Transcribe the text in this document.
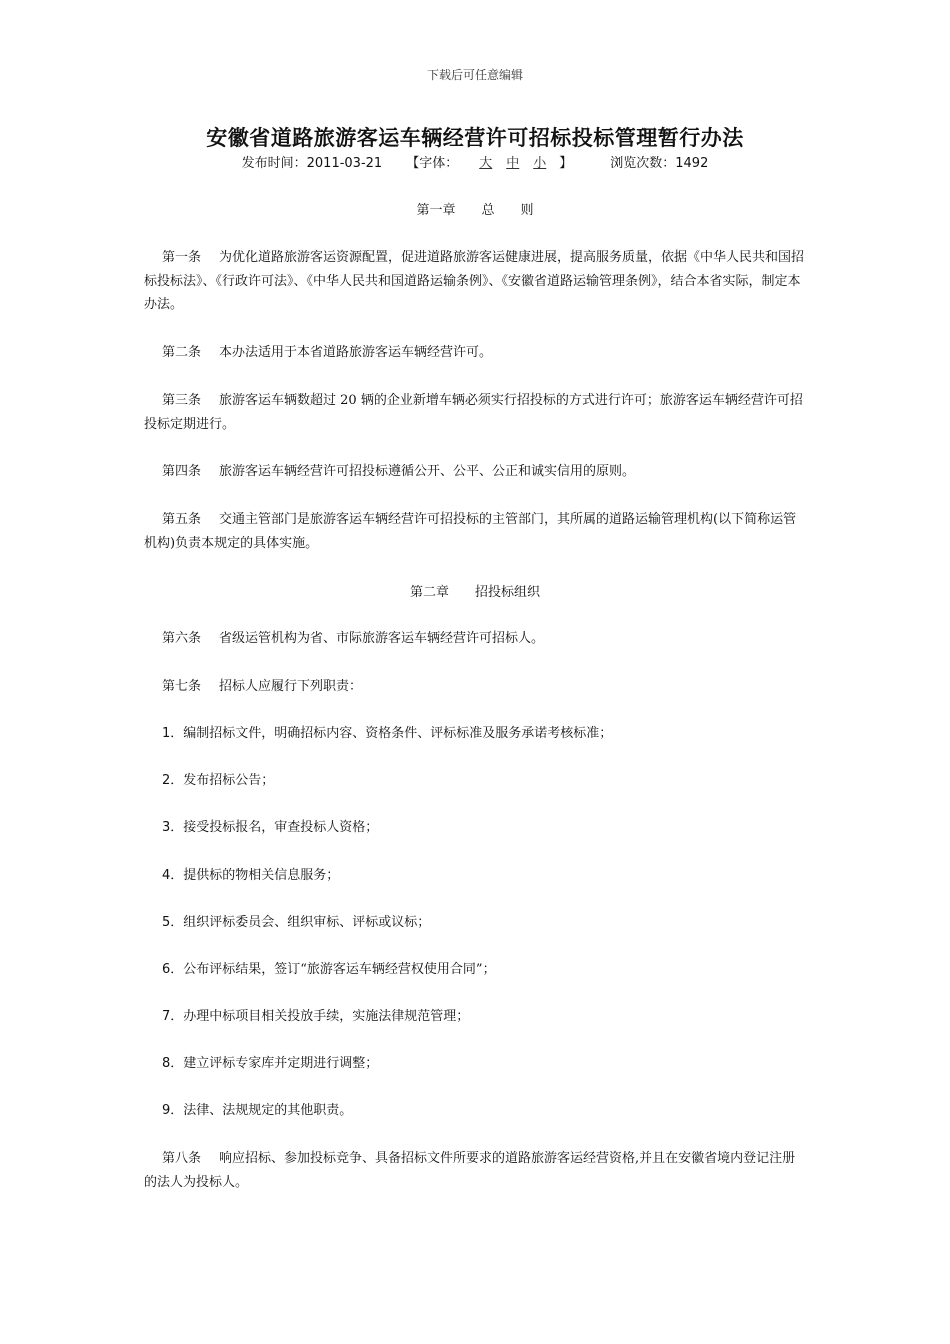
下载后可任意编辑
安徽省道路旅游客运车辆经营许可招标投标管理暂行办法
发布时间：2011-03-21 【字体： 大 中 小 】	浏览次数：1492
第一章　　总　　则
第一条 为优化道路旅游客运资源配置，促进道路旅游客运健康进展，提高服务质量，依据《中华人民共和国招标投标法》、《行政许可法》、《中华人民共和国道路运输条例》、《安徽省道路运输管理条例》，结合本省实际，制定本办法。
第二条 本办法适用于本省道路旅游客运车辆经营许可。
第三条 旅游客运车辆数超过 20 辆的企业新增车辆必须实行招投标的方式进行许可；旅游客运车辆经营许可招投标定期进行。
第四条 旅游客运车辆经营许可招投标遵循公开、公平、公正和诚实信用的原则。
第五条 交通主管部门是旅游客运车辆经营许可招投标的主管部门，其所属的道路运输管理机构(以下简称运管机构)负责本规定的具体实施。
第二章　　招投标组织
第六条 省级运管机构为省、市际旅游客运车辆经营许可招标人。
第七条 招标人应履行下列职责：
1．编制招标文件，明确招标内容、资格条件、评标标准及服务承诺考核标准；
2．发布招标公告；
3．接受投标报名，审查投标人资格；
4．提供标的物相关信息服务；
5．组织评标委员会、组织审标、评标或议标；
6．公布评标结果，签订“旅游客运车辆经营权使用合同”；
7．办理中标项目相关投放手续，实施法律规范管理；
8．建立评标专家库并定期进行调整；
9．法律、法规规定的其他职责。
第八条 响应招标、参加投标竞争、具备招标文件所要求的道路旅游客运经营资格,并且在安徽省境内登记注册的法人为投标人。
